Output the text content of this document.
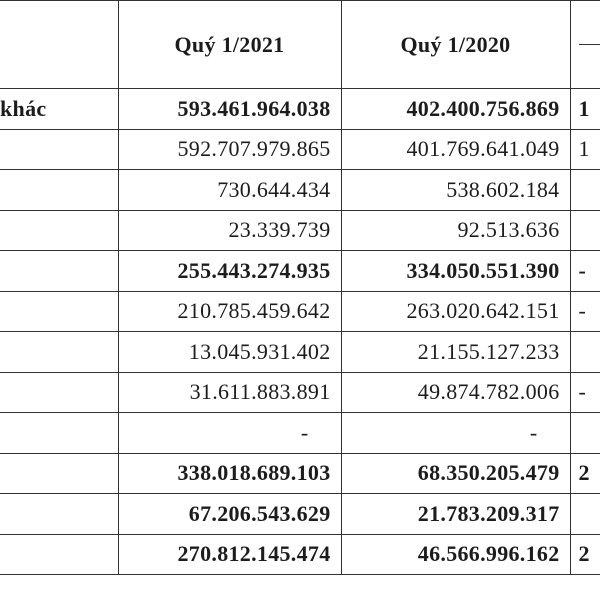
	Quý 1/2021	Quý 1/2020	

khác	593.461.964.038	402.400.756.869	1
	592.707.979.865	401.769.641.049	1
	730.644.434	538.602.184	
	23.339.739	92.513.636	
	255.443.274.935	334.050.551.390	-
	210.785.459.642	263.020.642.151	-
	13.045.931.402	21.155.127.233	
	31.611.883.891	49.874.782.006	-
	-	-	
	338.018.689.103	68.350.205.479	2
	67.206.543.629	21.783.209.317	
	270.812.145.474	46.566.996.162	2
